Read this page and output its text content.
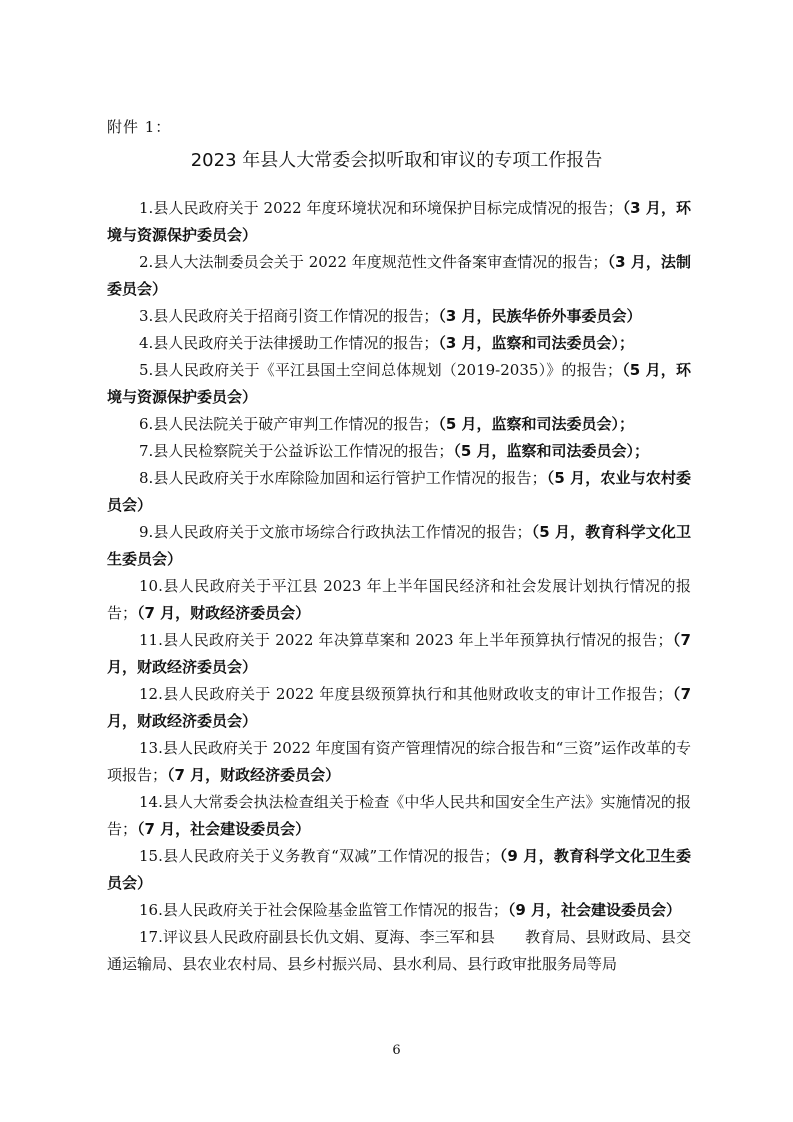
附件 1：
2023 年县人大常委会拟听取和审议的专项工作报告

1.县人民政府关于 2022 年度环境状况和环境保护目标完成情况的报告；（3 月，环境与资源保护委员会）

2.县人大法制委员会关于 2022 年度规范性文件备案审查情况的报告；（3 月，法制委员会）

3.县人民政府关于招商引资工作情况的报告；（3 月，民族华侨外事委员会）

4.县人民政府关于法律援助工作情况的报告；（3 月，监察和司法委员会）；

5.县人民政府关于《平江县国土空间总体规划（2019-2035）》的报告；（5 月，环境与资源保护委员会）

6.县人民法院关于破产审判工作情况的报告；（5 月，监察和司法委员会）；

7.县人民检察院关于公益诉讼工作情况的报告；（5 月，监察和司法委员会）；

8.县人民政府关于水库除险加固和运行管护工作情况的报告；（5 月，农业与农村委员会）

9.县人民政府关于文旅市场综合行政执法工作情况的报告；（5 月，教育科学文化卫生委员会）

10.县人民政府关于平江县 2023 年上半年国民经济和社会发展计划执行情况的报告；（7 月，财政经济委员会）

11.县人民政府关于 2022 年决算草案和 2023 年上半年预算执行情况的报告；（7 月，财政经济委员会）

12.县人民政府关于 2022 年度县级预算执行和其他财政收支的审计工作报告；（7 月，财政经济委员会）

13.县人民政府关于 2022 年度国有资产管理情况的综合报告和“三资”运作改革的专项报告；（7 月，财政经济委员会）

14.县人大常委会执法检查组关于检查《中华人民共和国安全生产法》实施情况的报告；（7 月，社会建设委员会）

15.县人民政府关于义务教育“双减”工作情况的报告；（9 月，教育科学文化卫生委员会）

16.县人民政府关于社会保险基金监管工作情况的报告；（9 月，社会建设委员会）

17.评议县人民政府副县长仇文娟、夏海、李三军和县　　教育局、县财政局、县交通运输局、县农业农村局、县乡村振兴局、县水利局、县行政审批服务局等局

6
